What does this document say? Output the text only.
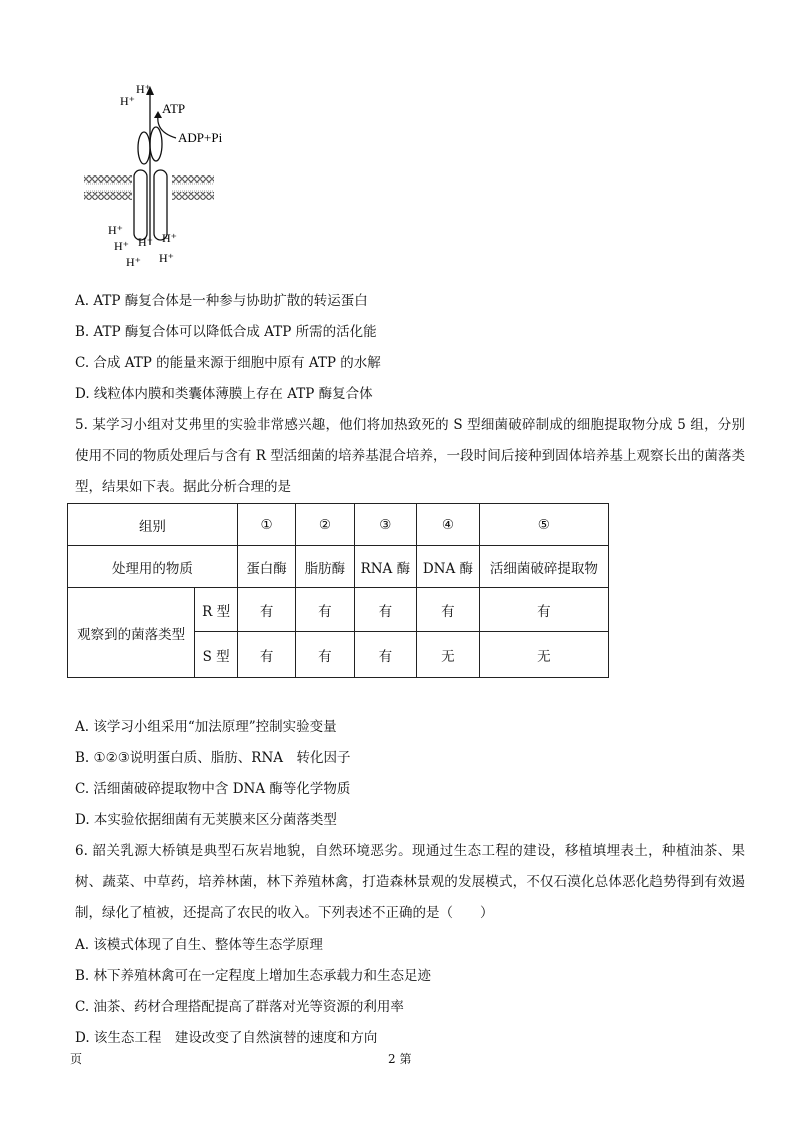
H⁺
H⁺ ATP
ADP+Pi
H⁺
H⁺ H⁺ H⁺
H⁺ H⁺
A. ATP 酶复合体是一种参与协助扩散的转运蛋白
B. ATP 酶复合体可以降低合成 ATP 所需的活化能
C. 合成 ATP 的能量来源于细胞中原有 ATP 的水解
D. 线粒体内膜和类囊体薄膜上存在 ATP 酶复合体
5. 某学习小组对艾弗里的实验非常感兴趣，他们将加热致死的 S 型细菌破碎制成的细胞提取物分成 5 组，分别使用不同的物质处理后与含有 R 型活细菌的培养基混合培养，一段时间后接种到固体培养基上观察长出的菌落类型，结果如下表。据此分析合理的是
组别		①	②	③	④	⑤
处理用的物质		蛋白酶	脂肪酶	RNA 酶	DNA 酶	活细菌破碎提取物
观察到的菌落类型	R 型	有	有	有	有	有
	S 型	有	有	有	无	无
A. 该学习小组采用“加法原理”控制实验变量
B. ①②③说明蛋白质、脂肪、RNA　转化因子
C. 活细菌破碎提取物中含 DNA 酶等化学物质
D. 本实验依据细菌有无荚膜来区分菌落类型
6. 韶关乳源大桥镇是典型石灰岩地貌，自然环境恶劣。现通过生态工程的建设，移植填埋表土，种植油茶、果树、蔬菜、中草药，培养林菌，林下养殖林禽，打造森林景观的发展模式，不仅石漠化总体恶化趋势得到有效遏制，绿化了植被，还提高了农民的收入。下列表述不正确的是（　　）
A. 该模式体现了自生、整体等生态学原理
B. 林下养殖林禽可在一定程度上增加生态承载力和生态足迹
C. 油茶、药材合理搭配提高了群落对光等资源的利用率
D. 该生态工程　建设改变了自然演替的速度和方向
页	2 第
